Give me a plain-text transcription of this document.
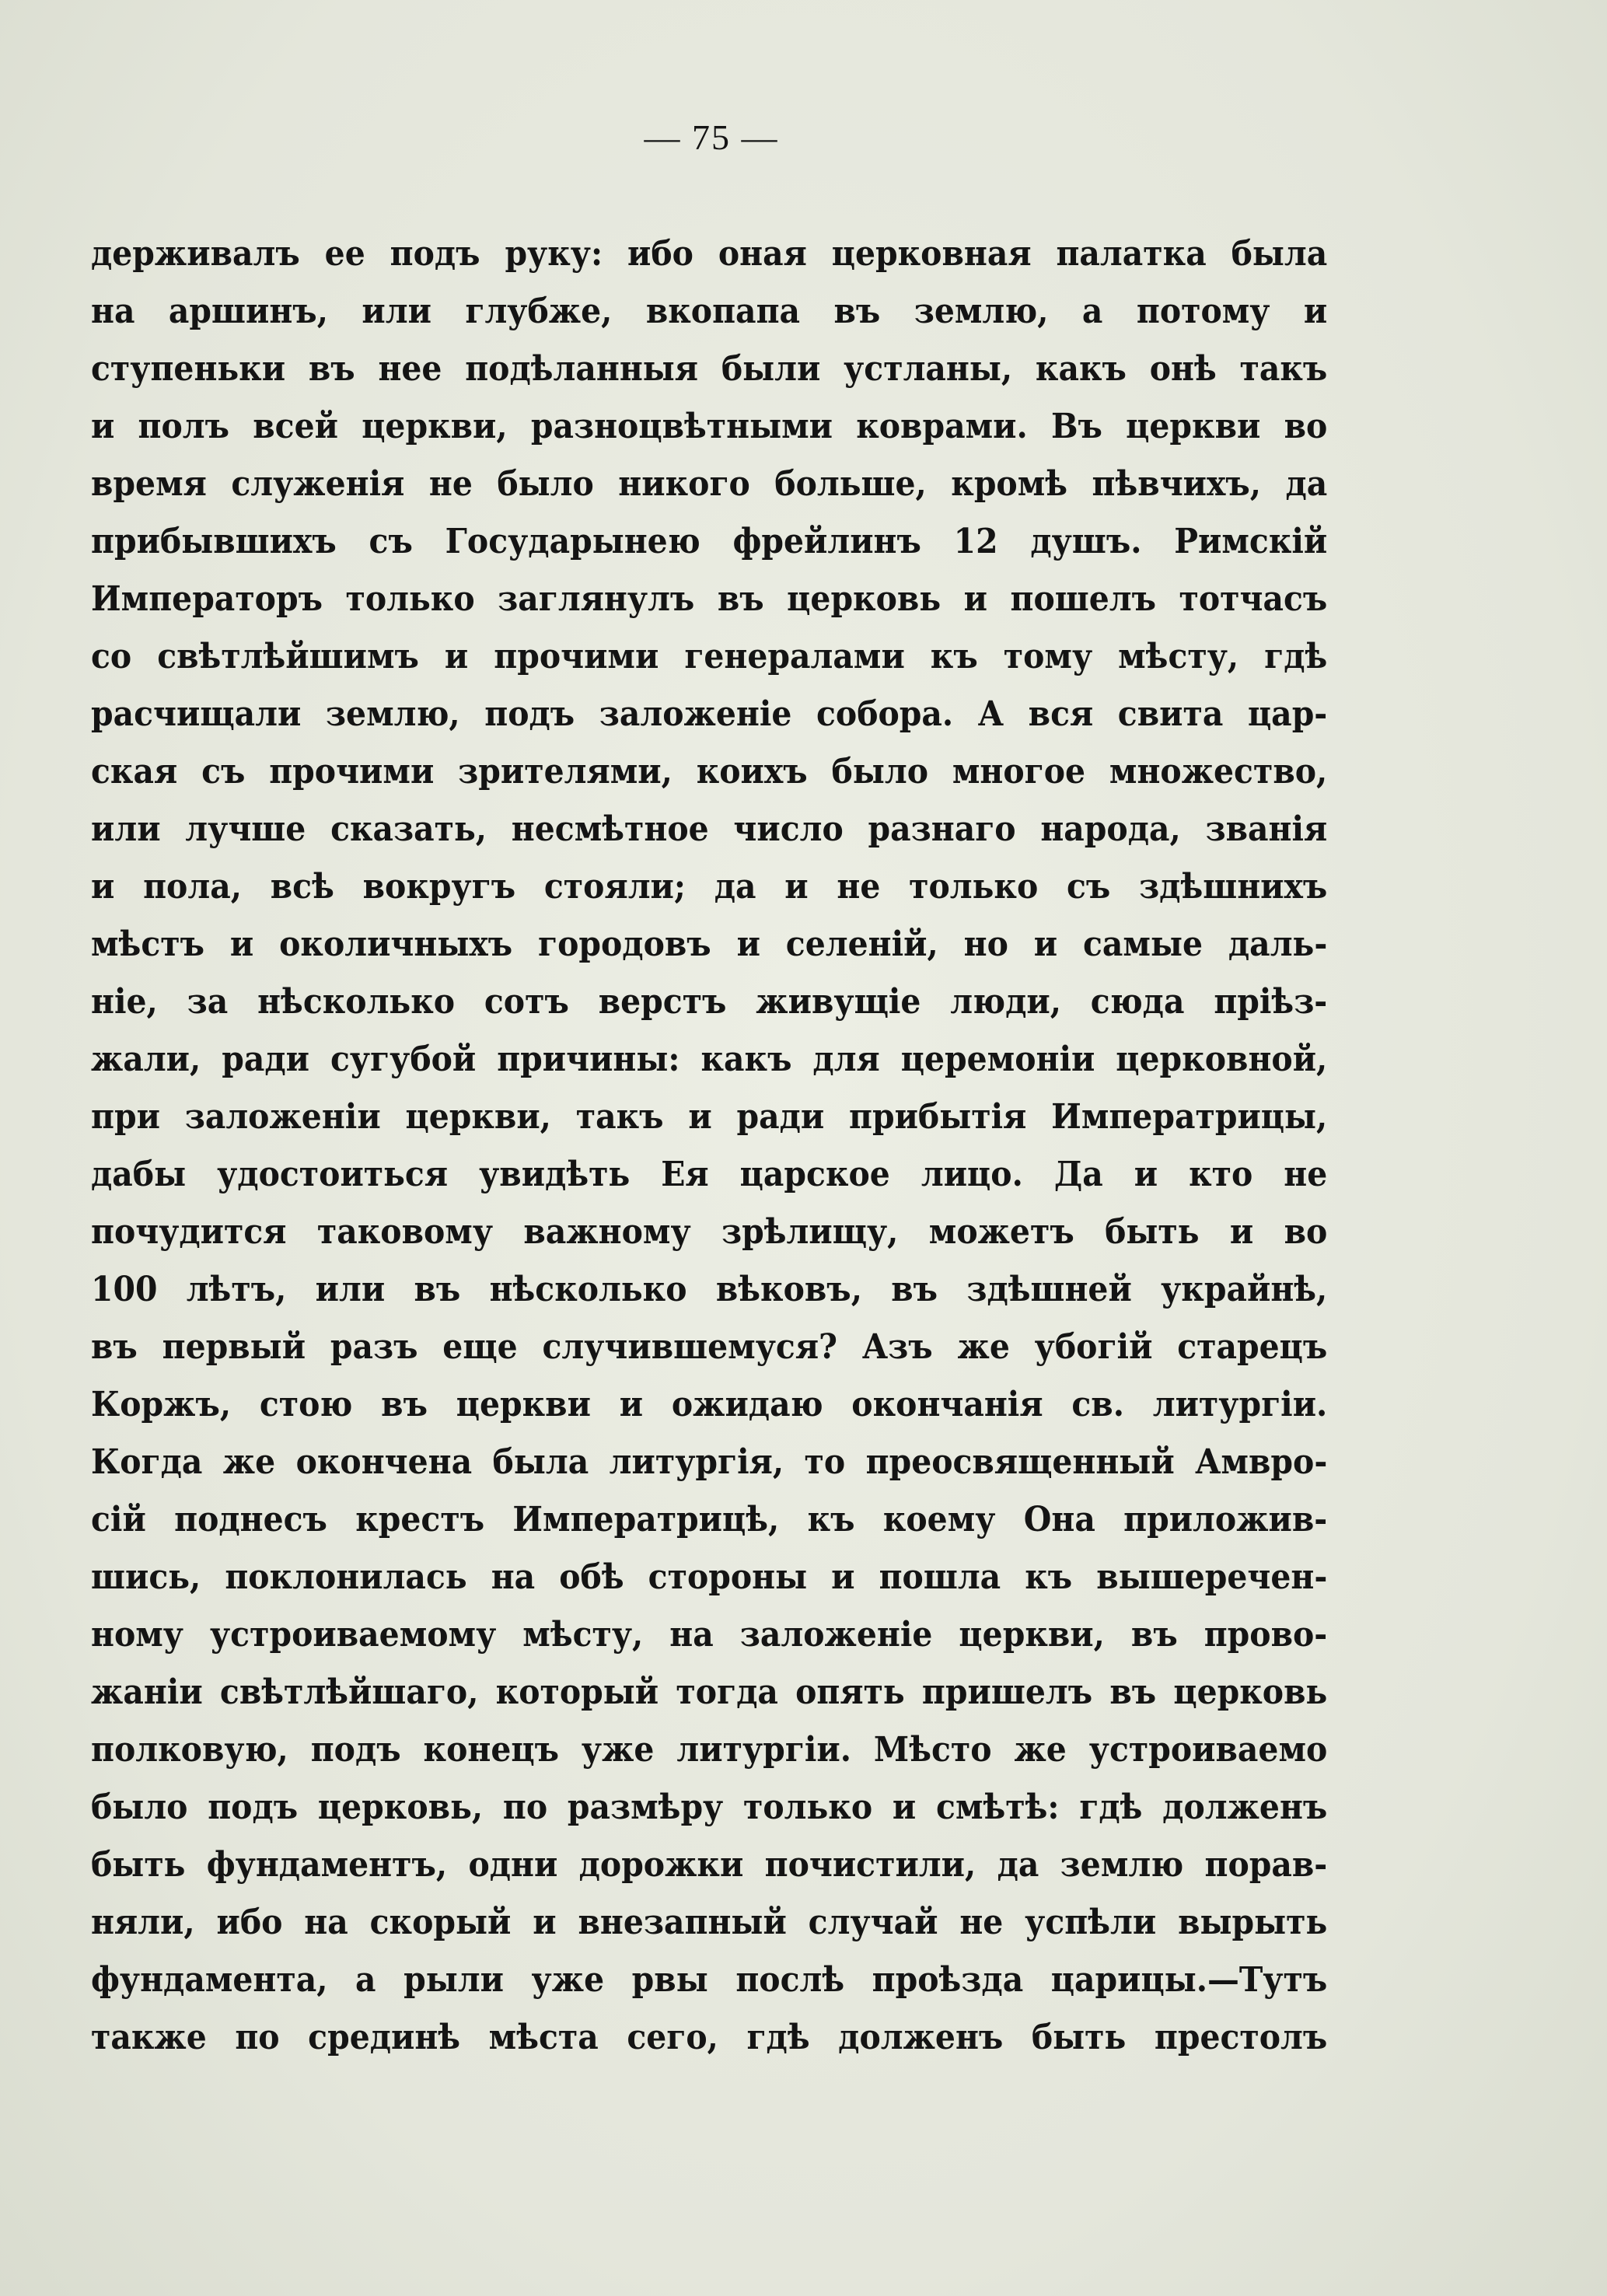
— 75 —
держивалъ ее подъ руку: ибо оная церковная палатка была
на аршинъ, или глубже, вкопапа въ землю, а потому и
ступеньки въ нее подѣланныя были устланы, какъ онѣ такъ
и полъ всей церкви, разноцвѣтными коврами. Въ церкви во
время служенія не было никого больше, кромѣ пѣвчихъ, да
прибывшихъ съ Государынею фрейлинъ 12 душъ. Римскій
Императоръ только заглянулъ въ церковь и пошелъ тотчасъ
со свѣтлѣйшимъ и прочими генералами къ тому мѣсту, гдѣ
расчищали землю, подъ заложеніе собора. А вся свита цар-
ская съ прочими зрителями, коихъ было многое множество,
или лучше сказать, несмѣтное число разнаго народа, званія
и пола, всѣ вокругъ стояли; да и не только съ здѣшнихъ
мѣстъ и околичныхъ городовъ и селеній, но и самые даль-
ніе, за нѣсколько сотъ верстъ живущіе люди, сюда пріѣз-
жали, ради сугубой причины: какъ для церемоніи церковной,
при заложеніи церкви, такъ и ради прибытія Императрицы,
дабы удостоиться увидѣть Ея царское лицо. Да и кто не
почудится таковому важному зрѣлищу, можетъ быть и во
100 лѣтъ, или въ нѣсколько вѣковъ, въ здѣшней украйнѣ,
въ первый разъ еще случившемуся? Азъ же убогій старецъ
Коржъ, стою въ церкви и ожидаю окончанія св. литургіи.
Когда же окончена была литургія, то преосвященный Амвро-
сій поднесъ крестъ Императрицѣ, къ коему Она приложив-
шись, поклонилась на обѣ стороны и пошла къ вышеречен-
ному устроиваемому мѣсту, на заложеніе церкви, въ прово-
жаніи свѣтлѣйшаго, который тогда опять пришелъ въ церковь
полковую, подъ конецъ уже литургіи. Мѣсто же устроиваемо
было подъ церковь, по размѣру только и смѣтѣ: гдѣ долженъ
быть фундаментъ, одни дорожки почистили, да землю порав-
няли, ибо на скорый и внезапный случай не успѣли вырыть
фундамента, а рыли уже рвы послѣ проѣзда царицы.—Тутъ
также по срединѣ мѣста сего, гдѣ долженъ быть престолъ
